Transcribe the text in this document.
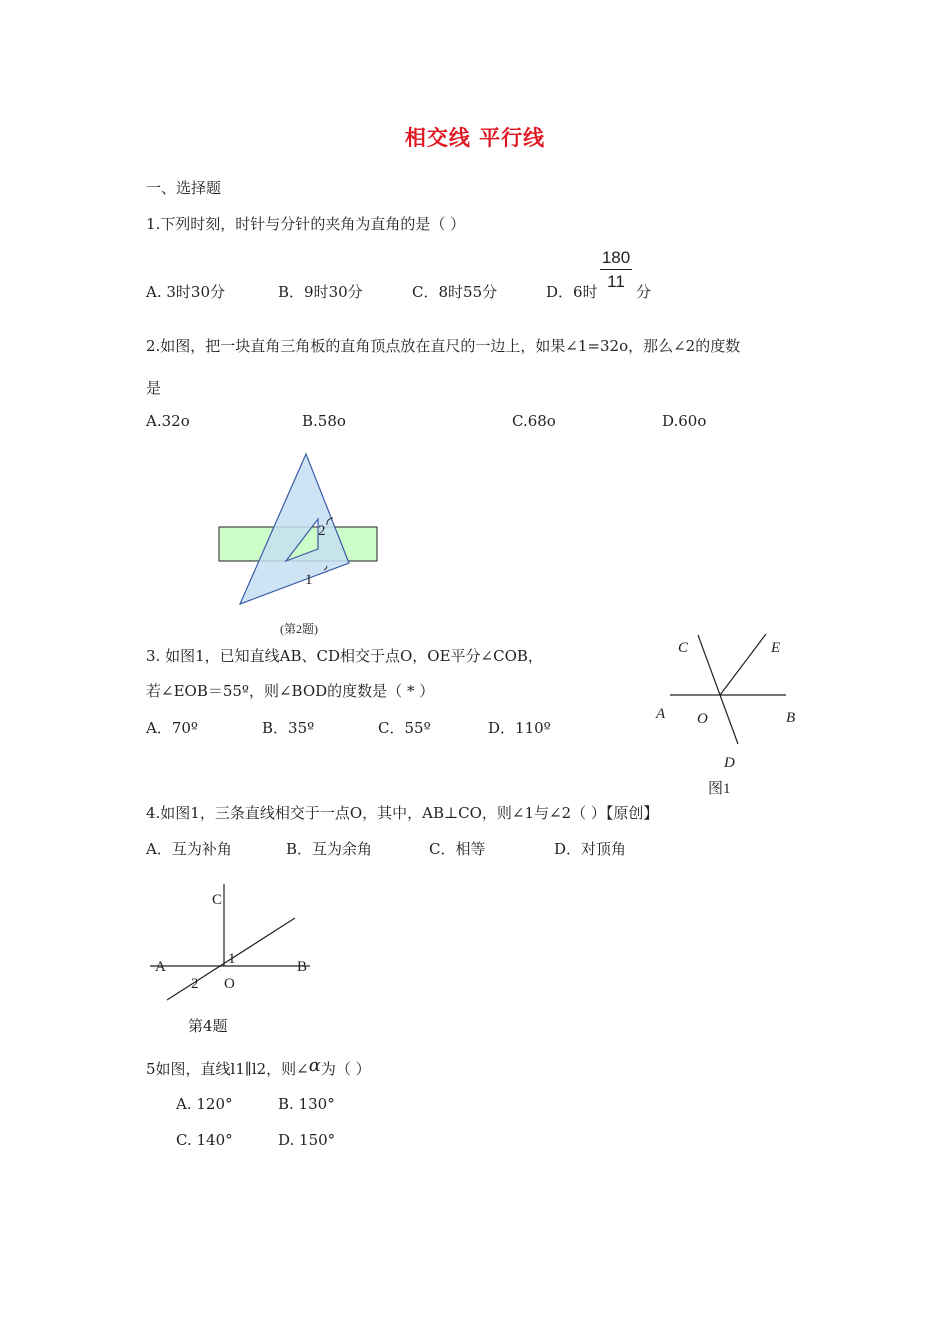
相交线 平行线
一、选择题
1.下列时刻，时针与分针的夹角为直角的是（ ）
A. 3时30分	B．9时30分	C．8时55分	D．6时
180
11
分
2.如图，把一块直角三角板的直角顶点放在直尺的一边上，如果∠1=32o，那么∠2的度数
是
A.32o	B.58o	C.68o	D.60o
2
1
(第2题)
C	E
A O	B
D
图1
C
A	B
1
2 O
3. 如图1，已知直线AB、CD相交于点O，OE平分∠COB，
若∠EOB＝55º，则∠BOD的度数是（ * ）
A．70º	B．35º	C．55º	D．110º
4.如图1，三条直线相交于一点O，其中，AB⊥CO，则∠1与∠2（ ）【原创】
A．互为补角	B．互为余角	C．相等	D．对顶角
第4题
5如图，直线l1∥l2，则∠α为（ ）
A. 120°	B. 130°
C. 140°	D. 150°
